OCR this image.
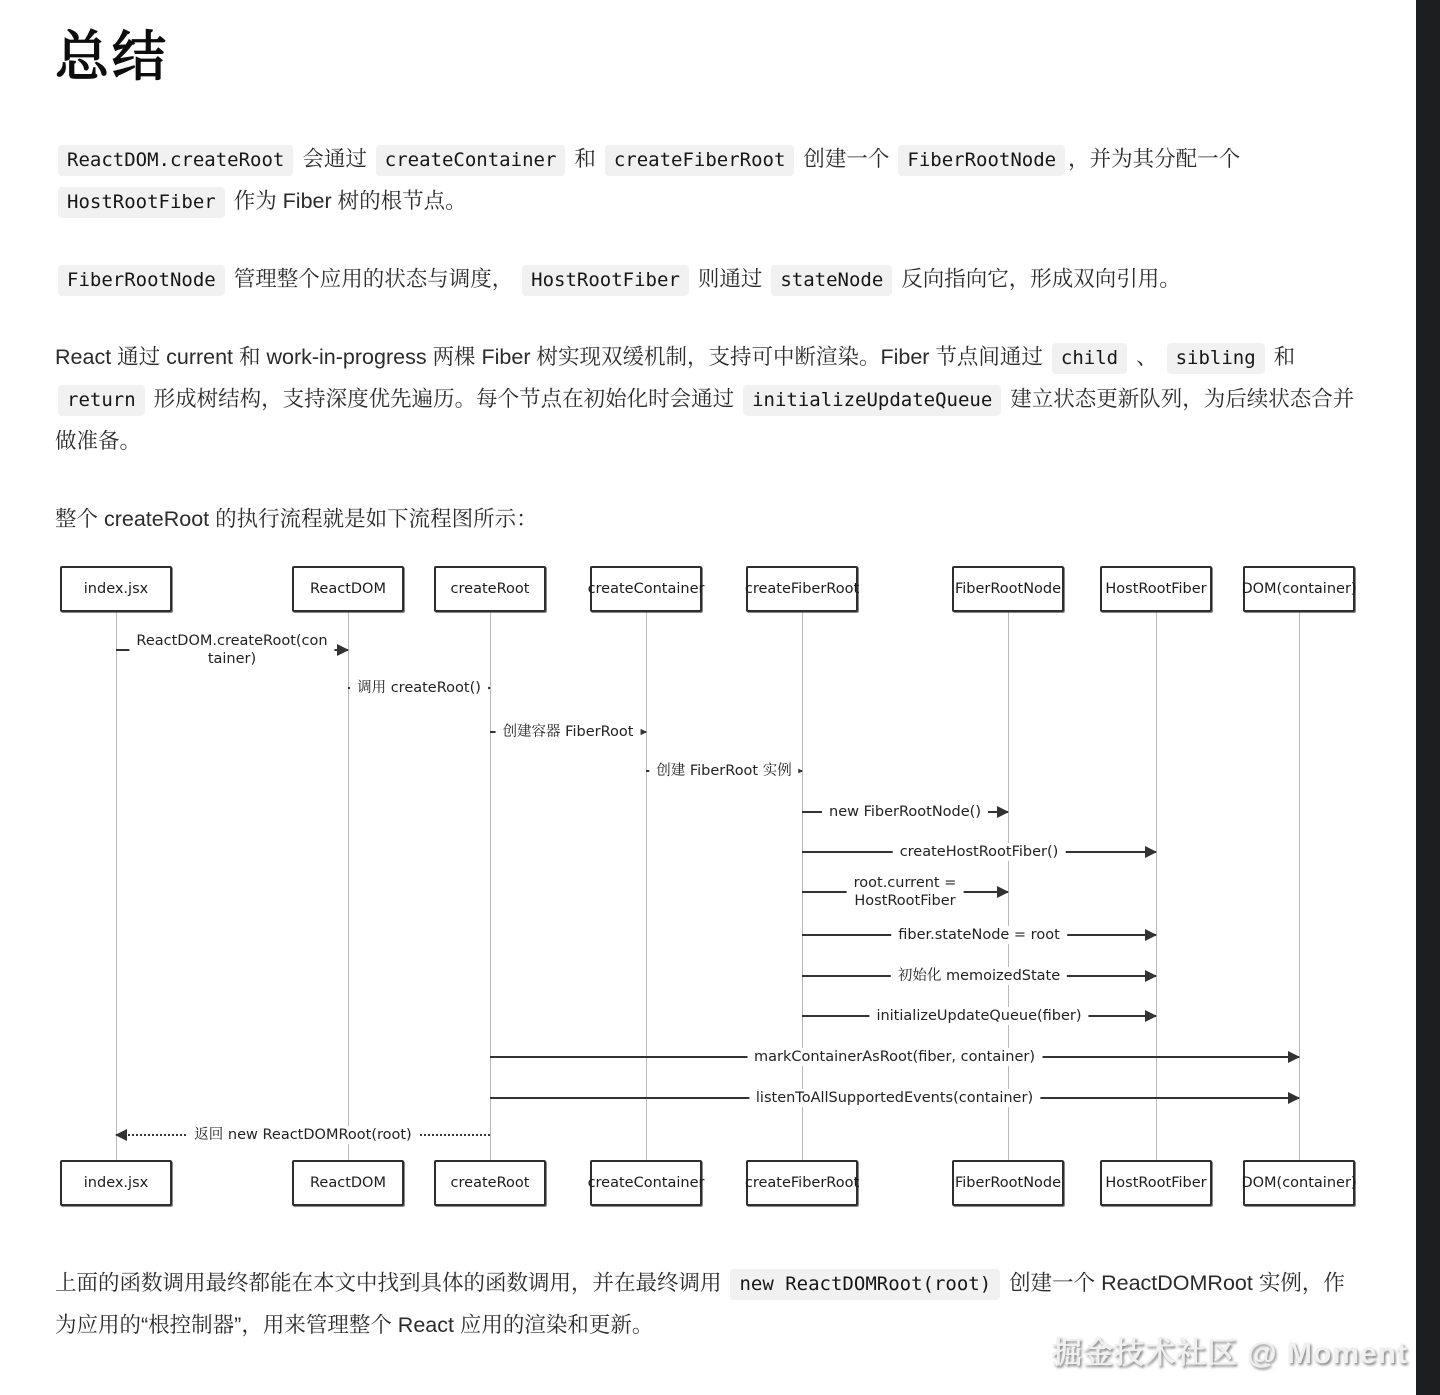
总结

ReactDOM.createRoot 会通过 createContainer 和 createFiberRoot 创建一个 FiberRootNode ，并为其分配一个 HostRootFiber 作为 Fiber 树的根节点。

FiberRootNode 管理整个应用的状态与调度， HostRootFiber 则通过 stateNode 反向指向它，形成双向引用。

React 通过 current 和 work-in-progress 两棵 Fiber 树实现双缓机制，支持可中断渲染。Fiber 节点间通过 child 、 sibling 和 return 形成树结构，支持深度优先遍历。每个节点在初始化时会通过 initializeUpdateQueue 建立状态更新队列，为后续状态合并做准备。

整个 createRoot 的执行流程就是如下流程图所示：

index.jsx
index.jsx
ReactDOM
ReactDOM
createRoot
createRoot
createContainer
createContainer
createFiberRoot
createFiberRoot
FiberRootNode
FiberRootNode
HostRootFiber
HostRootFiber
DOM(container)
DOM(container)
ReactDOM.createRoot(con
tainer)
调用 createRoot()
创建容器 FiberRoot
创建 FiberRoot 实例
new FiberRootNode()
createHostRootFiber()
root.current =
HostRootFiber
fiber.stateNode = root
初始化 memoizedState
initializeUpdateQueue(fiber)
markContainerAsRoot(fiber, container)
listenToAllSupportedEvents(container)
返回 new ReactDOMRoot(root)

上面的函数调用最终都能在本文中找到具体的函数调用，并在最终调用 new ReactDOMRoot(root) 创建一个 ReactDOMRoot 实例，作为应用的“根控制器”，用来管理整个 React 应用的渲染和更新。

掘金技术社区 @ Moment
